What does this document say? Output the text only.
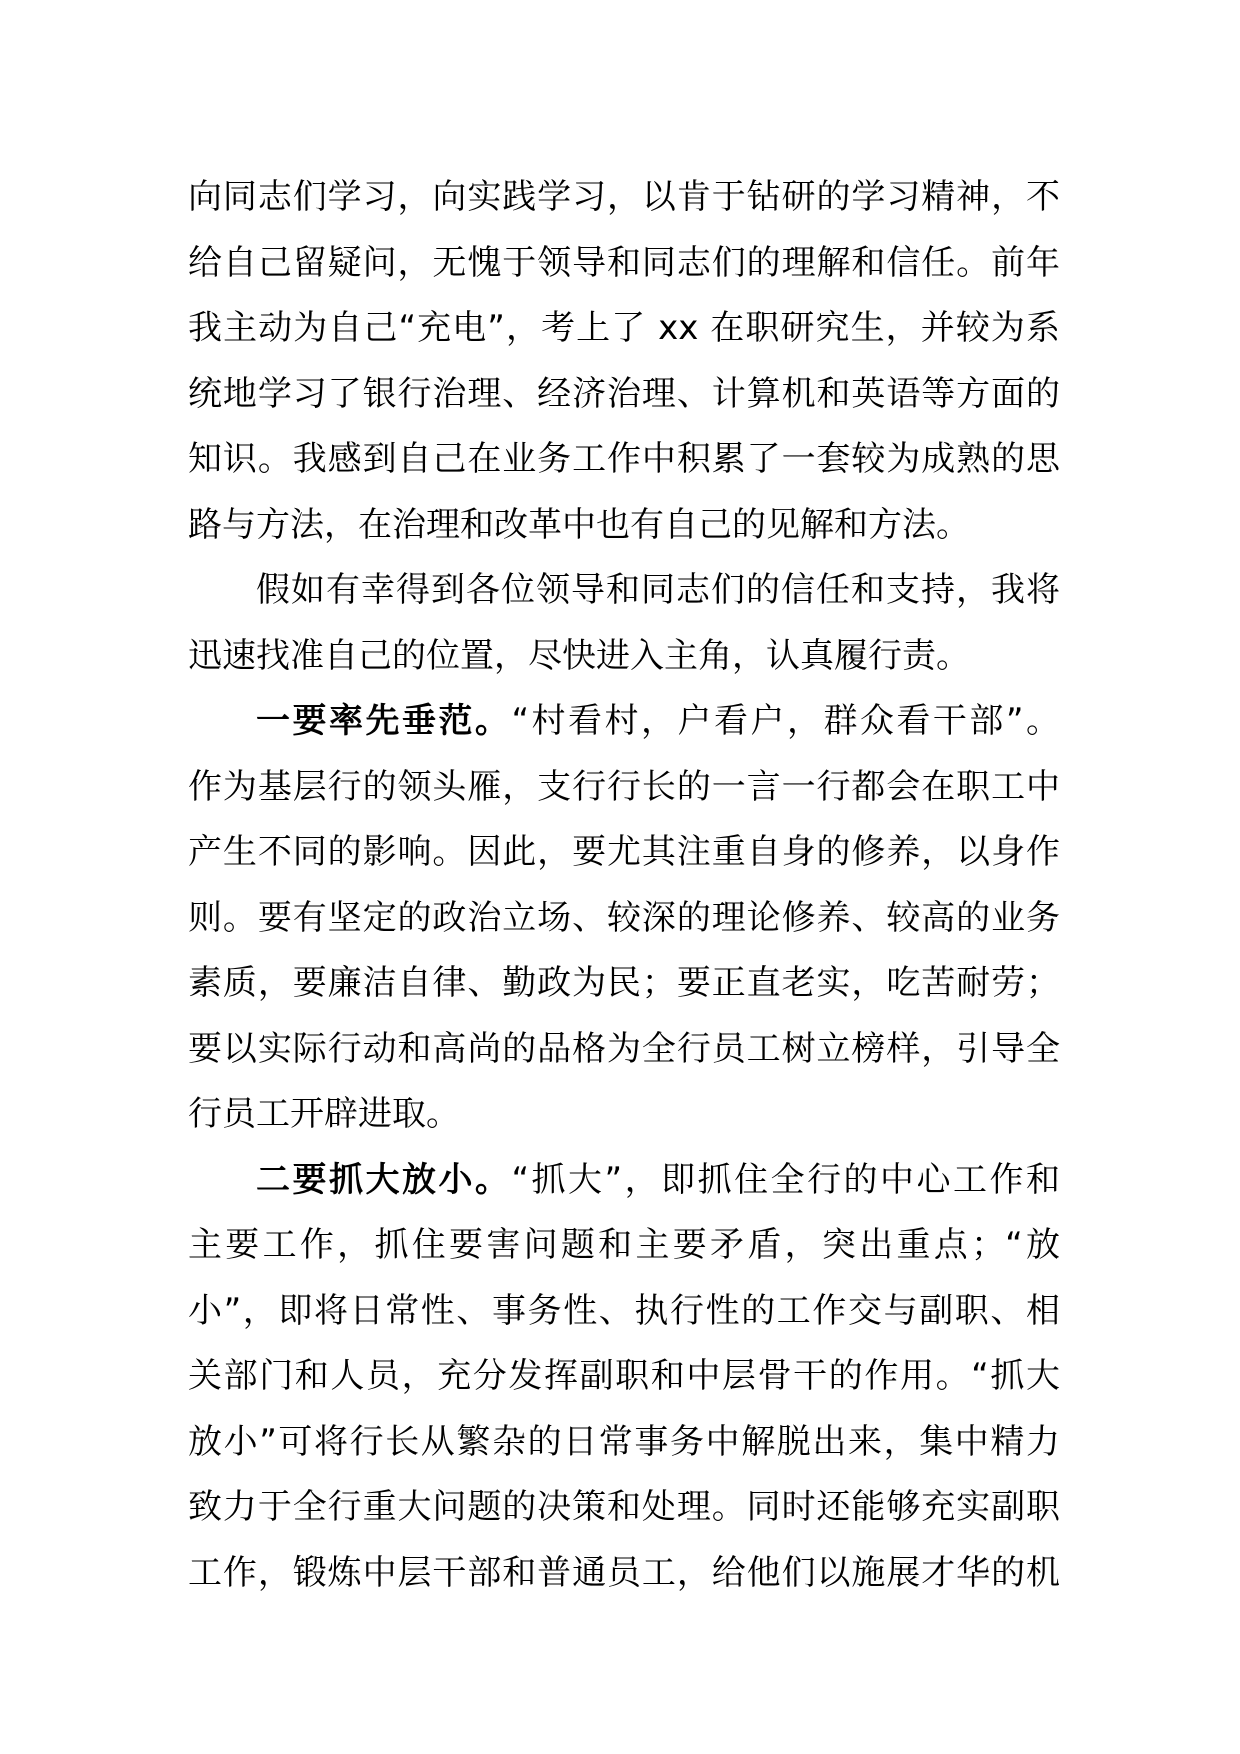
向同志们学习，向实践学习，以肯于钻研的学习精神，不
给自己留疑问，无愧于领导和同志们的理解和信任。前年
我主动为自己“充电”，考上了 xx 在职研究生，并较为系
统地学习了银行治理、经济治理、计算机和英语等方面的
知识。我感到自己在业务工作中积累了一套较为成熟的思
路与方法，在治理和改革中也有自己的见解和方法。
假如有幸得到各位领导和同志们的信任和支持，我将
迅速找准自己的位置，尽快进入主角，认真履行责。
一要率先垂范。“村看村，户看户，群众看干部”。
作为基层行的领头雁，支行行长的一言一行都会在职工中
产生不同的影响。因此，要尤其注重自身的修养，以身作
则。要有坚定的政治立场、较深的理论修养、较高的业务
素质，要廉洁自律、勤政为民；要正直老实，吃苦耐劳；
要以实际行动和高尚的品格为全行员工树立榜样，引导全
行员工开辟进取。
二要抓大放小。“抓大”，即抓住全行的中心工作和
主要工作，抓住要害问题和主要矛盾，突出重点；“放
小”，即将日常性、事务性、执行性的工作交与副职、相
关部门和人员，充分发挥副职和中层骨干的作用。“抓大
放小”可将行长从繁杂的日常事务中解脱出来，集中精力
致力于全行重大问题的决策和处理。同时还能够充实副职
工作，锻炼中层干部和普通员工，给他们以施展才华的机
